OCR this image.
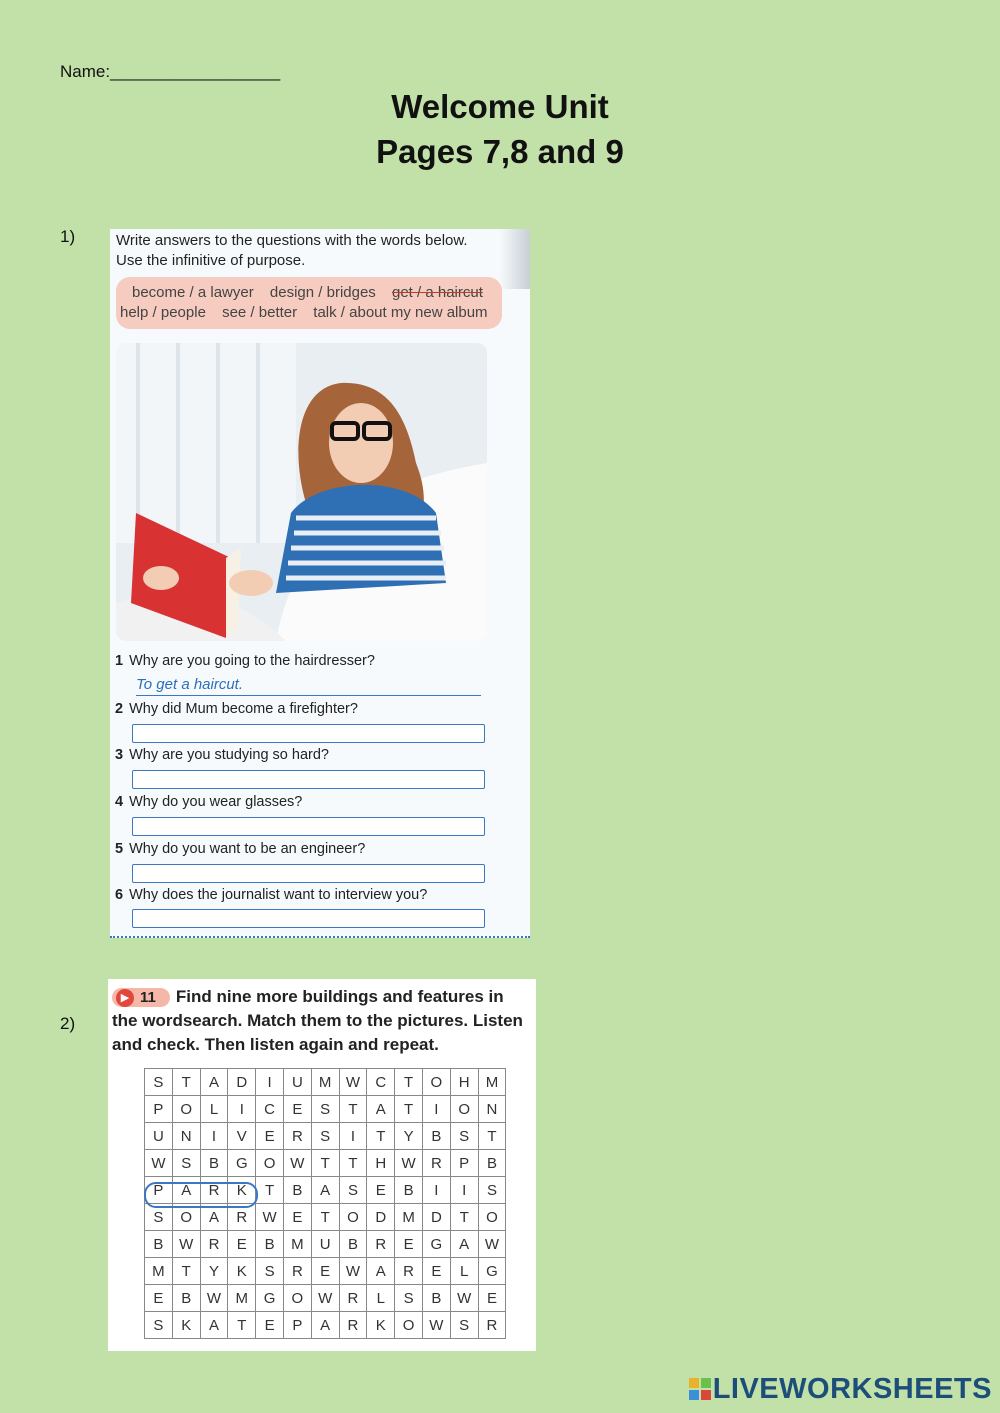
Name:__________________
Welcome Unit
Pages 7,8 and 9
1)	Write answers to the questions with the words below. Use the infinitive of purpose.
become / a lawyer design / bridges get / a haircut
help / people see / better talk / about my new album
1 Why are you going to the hairdresser?
To get a haircut.
2 Why did Mum become a firefighter?
3 Why are you studying so hard?
4 Why do you wear glasses?
5 Why do you want to be an engineer?
6 Why does the journalist want to interview you?
2)
▶ 11 Find nine more buildings and features in the wordsearch. Match them to the pictures. Listen and check. Then listen again and repeat.
S	T	A	D	I	U	M	W	C	T	O	H	M
P	O	L	I	C	E	S	T	A	T	I	O	N
U	N	I	V	E	R	S	I	T	Y	B	S	T
W	S	B	G	O	W	T	T	H	W	R	P	B
P	A	R	K	T	B	A	S	E	B	I	I	S
S	O	A	R	W	E	T	O	D	M	D	T	O
B	W	R	E	B	M	U	B	R	E	G	A	W
M	T	Y	K	S	R	E	W	A	R	E	L	G
E	B	W	M	G	O	W	R	L	S	B	W	E
S	K	A	T	E	P	A	R	K	O	W	S	R
LIVEWORKSHEETS
